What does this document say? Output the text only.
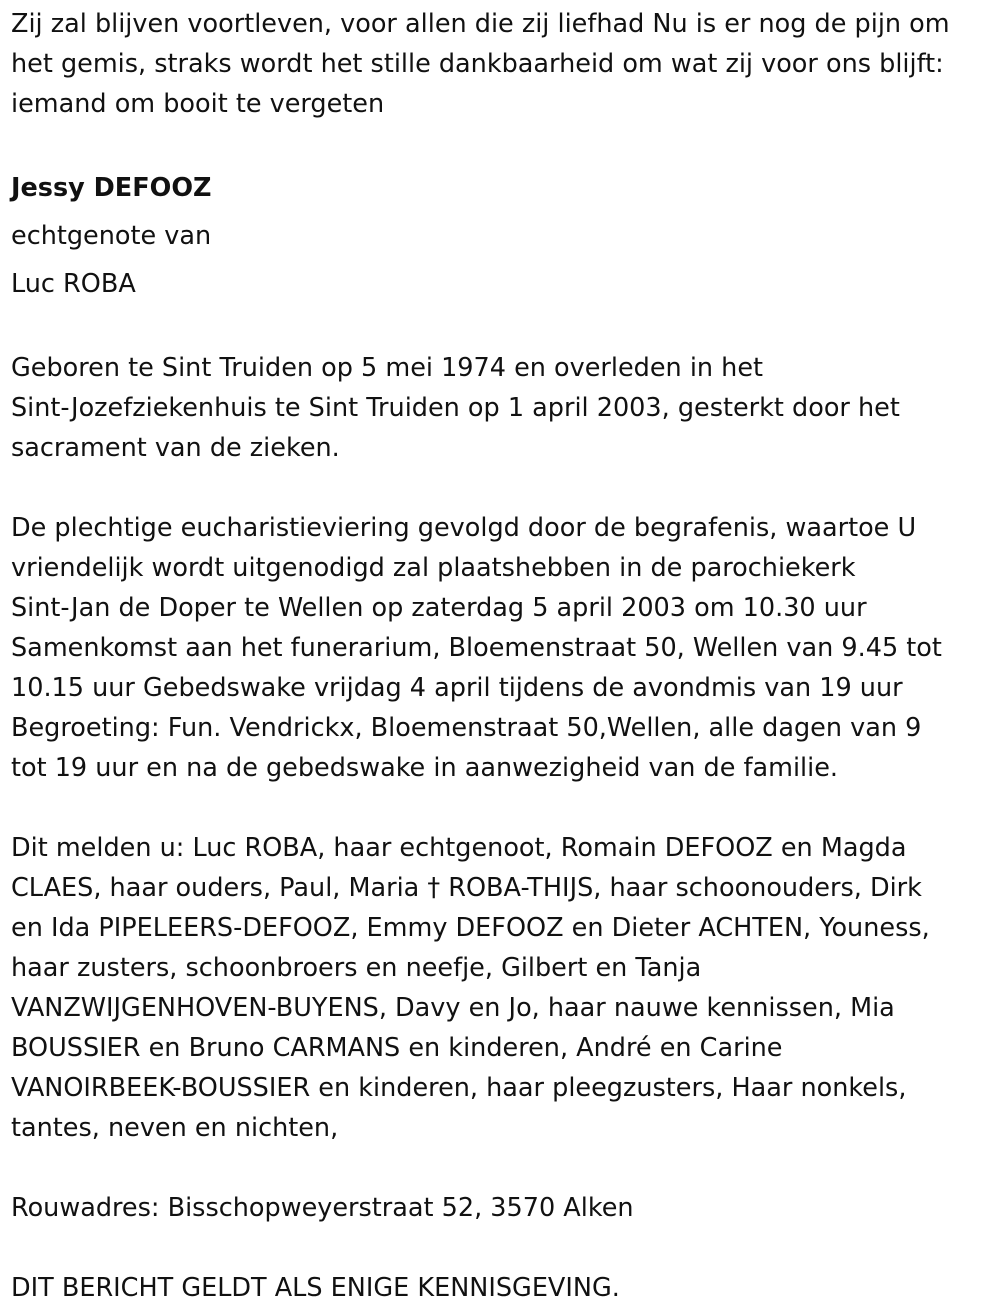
Zij zal blijven voortleven, voor allen die zij liefhad Nu is er nog de pijn om
het gemis, straks wordt het stille dankbaarheid om wat zij voor ons blijft:
iemand om booit te vergeten
Jessy DEFOOZ
echtgenote van
Luc ROBA
Geboren te Sint Truiden op 5 mei 1974 en overleden in het
Sint-Jozefziekenhuis te Sint Truiden op 1 april 2003, gesterkt door het
sacrament van de zieken.
De plechtige eucharistieviering gevolgd door de begrafenis, waartoe U
vriendelijk wordt uitgenodigd zal plaatshebben in de parochiekerk
Sint-Jan de Doper te Wellen op zaterdag 5 april 2003 om 10.30 uur
Samenkomst aan het funerarium, Bloemenstraat 50, Wellen van 9.45 tot
10.15 uur Gebedswake vrijdag 4 april tijdens de avondmis van 19 uur
Begroeting: Fun. Vendrickx, Bloemenstraat 50,Wellen, alle dagen van 9
tot 19 uur en na de gebedswake in aanwezigheid van de familie.
Dit melden u: Luc ROBA, haar echtgenoot, Romain DEFOOZ en Magda
CLAES, haar ouders, Paul, Maria † ROBA-THIJS, haar schoonouders, Dirk
en Ida PIPELEERS-DEFOOZ, Emmy DEFOOZ en Dieter ACHTEN, Youness,
haar zusters, schoonbroers en neefje, Gilbert en Tanja
VANZWIJGENHOVEN-BUYENS, Davy en Jo, haar nauwe kennissen, Mia
BOUSSIER en Bruno CARMANS en kinderen, André en Carine
VANOIRBEEK-BOUSSIER en kinderen, haar pleegzusters, Haar nonkels,
tantes, neven en nichten,
Rouwadres: Bisschopweyerstraat 52, 3570 Alken
DIT BERICHT GELDT ALS ENIGE KENNISGEVING.
